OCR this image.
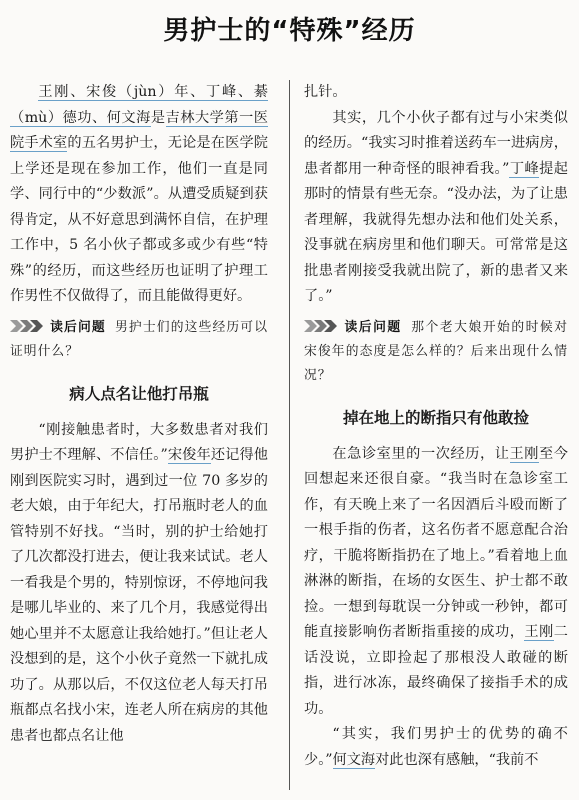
男护士的“特殊”经历

王刚、宋俊（jùn）年、丁峰、綦（mù）德功、何文海是吉林大学第一医院手术室的五名男护士，无论是在医学院上学还是现在参加工作，他们一直是同学、同行中的“少数派”。从遭受质疑到获得肯定，从不好意思到满怀自信，在护理工作中，5 名小伙子都或多或少有些“特殊”的经历，而这些经历也证明了护理工作男性不仅做得了，而且能做得更好。

读后问题 男护士们的这些经历可以证明什么？
病人点名让他打吊瓶

“刚接触患者时，大多数患者对我们男护士不理解、不信任。”宋俊年还记得他刚到医院实习时，遇到过一位 70 多岁的老大娘，由于年纪大，打吊瓶时老人的血管特别不好找。“当时，别的护士给她打了几次都没打进去，便让我来试试。老人一看我是个男的，特别惊讶，不停地问我是哪儿毕业的、来了几个月，我感觉得出她心里并不太愿意让我给她打。”但让老人没想到的是，这个小伙子竟然一下就扎成功了。从那以后，不仅这位老人每天打吊瓶都点名找小宋，连老人所在病房的其他患者也都点名让他

扎针。

其实，几个小伙子都有过与小宋类似的经历。“我实习时推着送药车一进病房，患者都用一种奇怪的眼神看我。”丁峰提起那时的情景有些无奈。“没办法，为了让患者理解，我就得先想办法和他们处关系，没事就在病房里和他们聊天。可常常是这批患者刚接受我就出院了，新的患者又来了。”

读后问题 那个老大娘开始的时候对宋俊年的态度是怎么样的？后来出现什么情况？
掉在地上的断指只有他敢捡

在急诊室里的一次经历，让王刚至今回想起来还很自豪。“我当时在急诊室工作，有天晚上来了一名因酒后斗殴而断了一根手指的伤者，这名伤者不愿意配合治疗，干脆将断指扔在了地上。”看着地上血淋淋的断指，在场的女医生、护士都不敢捡。一想到每耽误一分钟或一秒钟，都可能直接影响伤者断指重接的成功，王刚二话没说，立即捡起了那根没人敢碰的断指，进行冰冻，最终确保了接指手术的成功。

“其实，我们男护士的优势的确不少。”何文海对此也深有感触，“我前不
